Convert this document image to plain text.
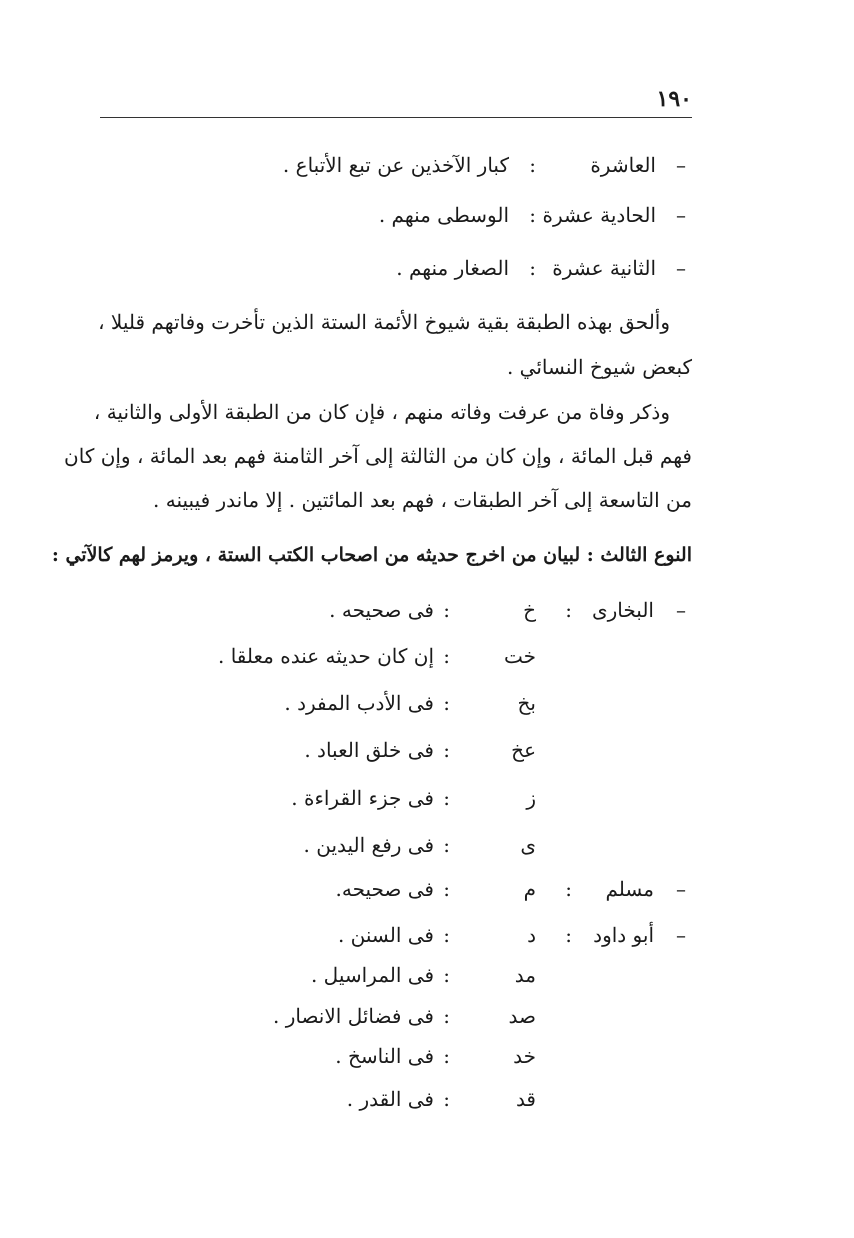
١٩٠
–
العاشرة
:
كبار الآخذين عن تبع الأتباع .
–
الحادية عشرة
:
الوسطى منهم .
–
الثانية عشرة
:
الصغار منهم .
وألحق بهذه الطبقة بقية شيوخ الأئمة الستة الذين تأخرت وفاتهم قليلا ،
كبعض شيوخ النسائي .
وذكر وفاة من عرفت وفاته منهم ، فإن كان من الطبقة الأولى والثانية ،
فهم قبل المائة ، وإن كان من الثالثة إلى آخر الثامنة فهم بعد المائة ، وإن كان
من التاسعة إلى آخر الطبقات ، فهم بعد المائتين . إلا ماندر فيبينه .
النوع الثالث : لبيان من اخرج حديثه من اصحاب الكتب الستة ، ويرمز لهم كالآتي :
–
البخارى
:
خ
:
فى صحيحه .
خت
:
إن كان حديثه عنده معلقا .
بخ
:
فى الأدب المفرد .
عخ
:
فى خلق العباد .
ز
:
فى جزء القراءة .
ى
:
فى رفع اليدين .
–
مسلم
:
م
:
فى صحيحه.
–
أبو داود
:
د
:
فى السنن .
مد
:
فى المراسيل .
صد
:
فى فضائل الانصار .
خد
:
فى الناسخ .
قد
:
فى القدر .
